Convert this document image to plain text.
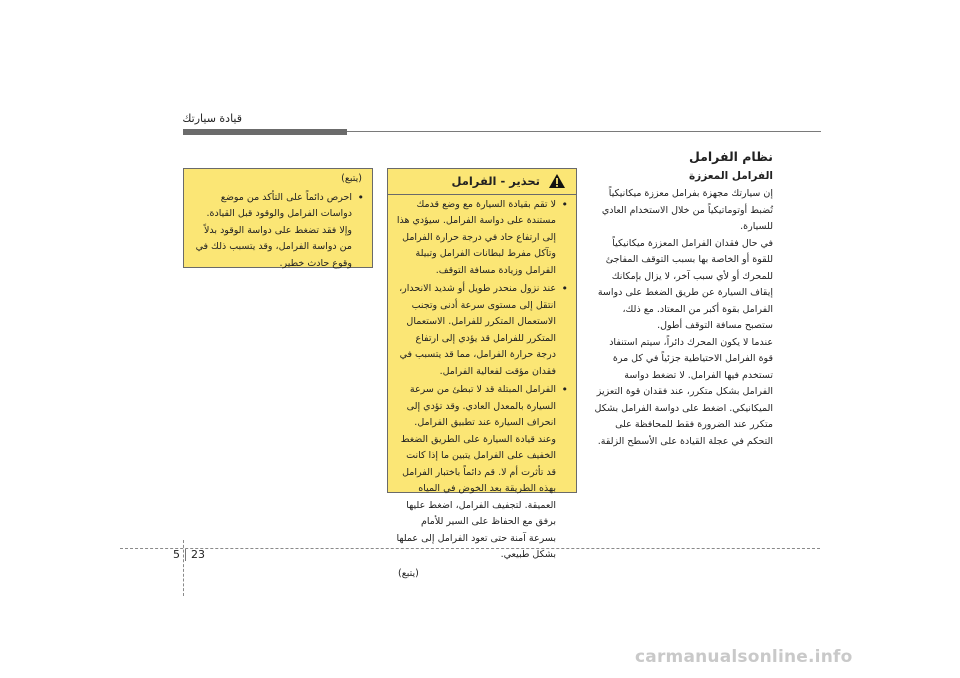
قيادة سيارتك
نظام الفرامل
الفرامل المعززة

إن سيارتك مجهزة بفرامل معززة ميكانيكياً تُضبط أوتوماتيكياً من خلال الاستخدام العادي للسيارة.

في حال فقدان الفرامل المعززة ميكانيكياً للقوة أو الخاصة بها بسبب التوقف المفاجئ للمحرك أو لأي سبب آخر، لا يزال بإمكانك إيقاف السيارة عن طريق الضغط على دواسة الفرامل بقوة أكبر من المعتاد. مع ذلك، ستصبح مسافة التوقف أطول.

عندما لا يكون المحرك دائراً، سيتم استنفاد قوة الفرامل الاحتياطية جزئياً في كل مرة تستخدم فيها الفرامل. لا تضغط دواسة الفرامل بشكل متكرر، عند فقدان قوة التعزيز الميكانيكي. اضغط على دواسة الفرامل بشكل متكرر عند الضرورة فقط للمحافظة على التحكم في عجلة القيادة على الأسطح الزلقة.

تحذير - الفرامل
• لا تقم بقيادة السيارة مع وضع قدمك مستندة على دواسة الفرامل. سيؤدي هذا إلى ارتفاع حاد في درجة حرارة الفرامل وتآكل مفرط لبطانات الفرامل وتبيلة الفرامل وزيادة مسافة التوقف.
• عند نزول منحدر طويل أو شديد الانحدار، انتقل إلى مستوى سرعة أدنى وتجنب الاستعمال المتكرر للفرامل. الاستعمال المتكرر للفرامل قد يؤدي إلى ارتفاع درجة حرارة الفرامل، مما قد يتسبب في فقدان مؤقت لفعالية الفرامل.
• الفرامل المبتلة قد لا تبطئ من سرعة السيارة بالمعدل العادي. وقد تؤدي إلى انحراف السيارة عند تطبيق الفرامل. وعند قيادة السيارة على الطريق الضغط الخفيف على الفرامل يتبين ما إذا كانت قد تأثرت أم لا. قم دائماً باختبار الفرامل بهذه الطريقة بعد الخوض في المياه العميقة. لتجفيف الفرامل، اضغط عليها برفق مع الحفاظ على السير للأمام بسرعة آمنة حتى تعود الفرامل إلى عملها بشكل طبيعي.
(يتبع)
(يتبع)
• احرص دائماً على التأكد من موضع دواسات الفرامل والوقود قبل القيادة. وإلا فقد تضغط على دواسة الوقود بدلاً من دواسة الفرامل، وقد يتسبب ذلك في وقوع حادث خطير.
5 23
carmanualsonline.info
